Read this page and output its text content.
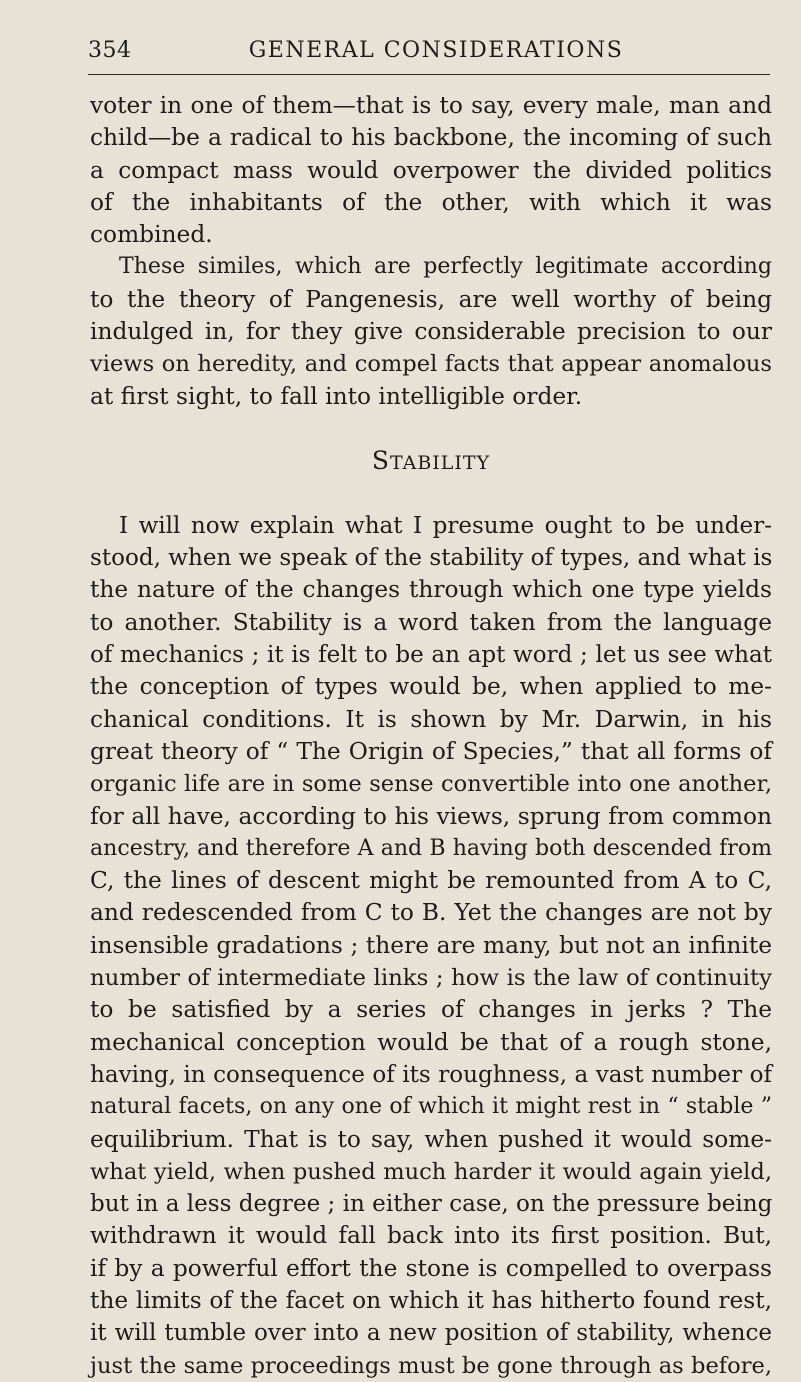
354	GENERAL CONSIDERATIONS
voter in one of them—that is to say, every male, man and
child—be a radical to his backbone, the incoming of such
a compact mass would overpower the divided politics
of the inhabitants of the other, with which it was
combined.
These similes, which are perfectly legitimate according
to the theory of Pangenesis, are well worthy of being
indulged in, for they give considerable precision to our
views on heredity, and compel facts that appear anomalous
at first sight, to fall into intelligible order.
STABILITY
I will now explain what I presume ought to be under-
stood, when we speak of the stability of types, and what is
the nature of the changes through which one type yields
to another. Stability is a word taken from the language
of mechanics ; it is felt to be an apt word ; let us see what
the conception of types would be, when applied to me-
chanical conditions. It is shown by Mr. Darwin, in his
great theory of “ The Origin of Species,” that all forms of
organic life are in some sense convertible into one another,
for all have, according to his views, sprung from common
ancestry, and therefore A and B having both descended from
C, the lines of descent might be remounted from A to C,
and redescended from C to B. Yet the changes are not by
insensible gradations ; there are many, but not an infinite
number of intermediate links ; how is the law of continuity
to be satisfied by a series of changes in jerks ? The
mechanical conception would be that of a rough stone,
having, in consequence of its roughness, a vast number of
natural facets, on any one of which it might rest in “ stable ”
equilibrium. That is to say, when pushed it would some-
what yield, when pushed much harder it would again yield,
but in a less degree ; in either case, on the pressure being
withdrawn it would fall back into its first position. But,
if by a powerful effort the stone is compelled to overpass
the limits of the facet on which it has hitherto found rest,
it will tumble over into a new position of stability, whence
just the same proceedings must be gone through as before,
